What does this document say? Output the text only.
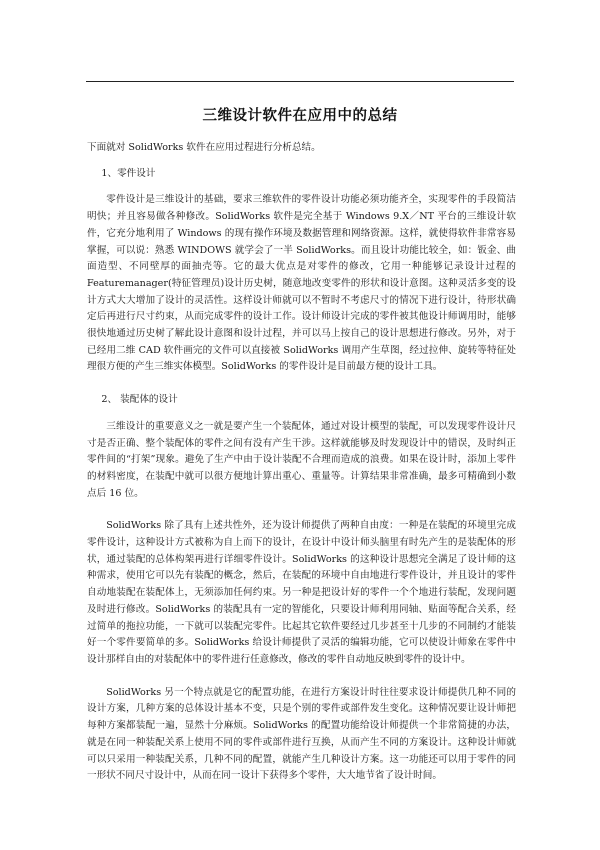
三维设计软件在应用中的总结

下面就对 SolidWorks 软件在应用过程进行分析总结。

1、零件设计

零件设计是三维设计的基础，要求三维软件的零件设计功能必须功能齐全，实现零件的手段简洁明快；并且容易做各种修改。SolidWorks 软件是完全基于 Windows 9.X／NT 平台的三维设计软件，它充分地利用了 Windows 的现有操作环境及数据管理和网络资源。这样，就使得软件非常容易掌握，可以说：熟悉 WINDOWS 就学会了一半 SolidWorks。而且设计功能比较全，如：钣金、曲面造型、不同壁厚的面抽壳等。它的最大优点是对零件的修改，它用一种能够记录设计过程的 Featuremanager(特征管理员)设计历史树，随意地改变零件的形状和设计意图。这种灵活多变的设计方式大大增加了设计的灵活性。这样设计师就可以不暂时不考虑尺寸的情况下进行设计，待形状确定后再进行尺寸约束，从而完成零件的设计工作。设计师设计完成的零件被其他设计师调用时，能够很快地通过历史树了解此设计意图和设计过程，并可以马上按自己的设计思想进行修改。另外，对于已经用二维 CAD 软件画完的文件可以直接被 SolidWorks 调用产生草图，经过拉伸、旋转等特征处理很方便的产生三维实体模型。SolidWorks 的零件设计是目前最方便的设计工具。

2、 装配体的设计

三维设计的重要意义之一就是要产生一个装配体，通过对设计模型的装配，可以发现零件设计尺寸是否正确、整个装配体的零件之间有没有产生干涉。这样就能够及时发现设计中的错误，及时纠正零件间的“打架”现象。避免了生产中由于设计装配不合理而造成的浪费。如果在设计时，添加上零件的材料密度，在装配中就可以很方便地计算出重心、重量等。计算结果非常准确，最多可精确到小数点后 16 位。

SolidWorks 除了具有上述共性外，还为设计师提供了两种自由度：一种是在装配的环境里完成零件设计，这种设计方式被称为自上而下的设计，在设计中设计师头脑里有时先产生的是装配体的形状，通过装配的总体构架再进行详细零件设计。SolidWorks 的这种设计思想完全满足了设计师的这种需求，使用它可以先有装配的概念，然后，在装配的环境中自由地进行零件设计，并且设计的零件自动地装配在装配体上，无须添加任何约束。另一种是把设计好的零件一个个地进行装配，发现问题及时进行修改。SolidWorks 的装配具有一定的智能化，只要设计师利用同轴、贴面等配合关系，经过简单的拖拉功能，一下就可以装配完零件。比起其它软件要经过几步甚至十几步的不同制约才能装好一个零件要简单的多。SolidWorks 给设计师提供了灵活的编辑功能，它可以使设计师象在零件中设计那样自由的对装配体中的零件进行任意修改，修改的零件自动地反映到零件的设计中。

SolidWorks 另一个特点就是它的配置功能，在进行方案设计时往往要求设计师提供几种不同的设计方案，几种方案的总体设计基本不变，只是个别的零件或部件发生变化。这种情况要让设计师把每种方案都装配一遍，显然十分麻烦。SolidWorks 的配置功能给设计师提供一个非常简捷的办法，就是在同一种装配关系上使用不同的零件或部件进行互换，从而产生不同的方案设计。这种设计师就可以只采用一种装配关系，几种不同的配置，就能产生几种设计方案。这一功能还可以用于零件的同一形状不同尺寸设计中，从而在同一设计下获得多个零件，大大地节省了设计时间。
